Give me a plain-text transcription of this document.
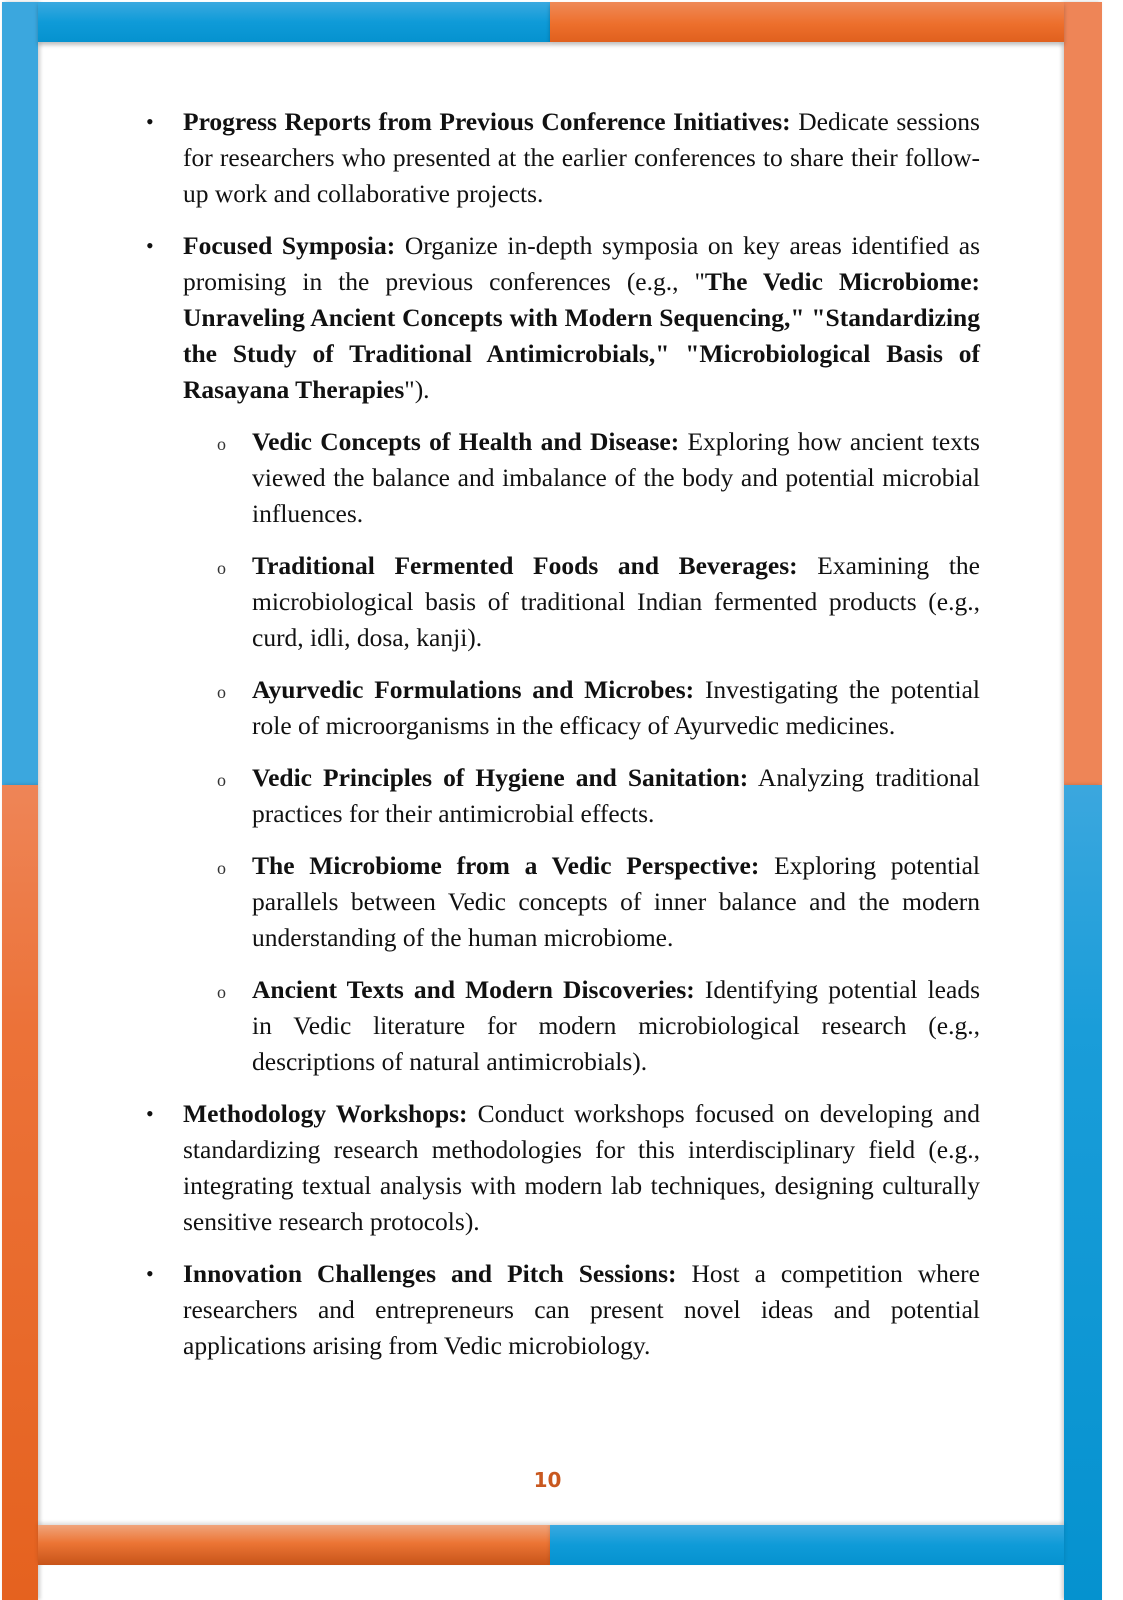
• Progress Reports from Previous Conference Initiatives: Dedicate sessions for researchers who presented at the earlier conferences to share their follow-up work and collaborative projects.
• Focused Symposia: Organize in-depth symposia on key areas identified as promising in the previous conferences (e.g., "The Vedic Microbiome: Unraveling Ancient Concepts with Modern Sequencing," "Standardizing the Study of Traditional Antimicrobials," "Microbiological Basis of Rasayana Therapies").
o Vedic Concepts of Health and Disease: Exploring how ancient texts viewed the balance and imbalance of the body and potential microbial influences.
o Traditional Fermented Foods and Beverages: Examining the microbiological basis of traditional Indian fermented products (e.g., curd, idli, dosa, kanji).
o Ayurvedic Formulations and Microbes: Investigating the potential role of microorganisms in the efficacy of Ayurvedic medicines.
o Vedic Principles of Hygiene and Sanitation: Analyzing traditional practices for their antimicrobial effects.
o The Microbiome from a Vedic Perspective: Exploring potential parallels between Vedic concepts of inner balance and the modern understanding of the human microbiome.
o Ancient Texts and Modern Discoveries: Identifying potential leads in Vedic literature for modern microbiological research (e.g., descriptions of natural antimicrobials).
• Methodology Workshops: Conduct workshops focused on developing and standardizing research methodologies for this interdisciplinary field (e.g., integrating textual analysis with modern lab techniques, designing culturally sensitive research protocols).
• Innovation Challenges and Pitch Sessions: Host a competition where researchers and entrepreneurs can present novel ideas and potential applications arising from Vedic microbiology.
10
